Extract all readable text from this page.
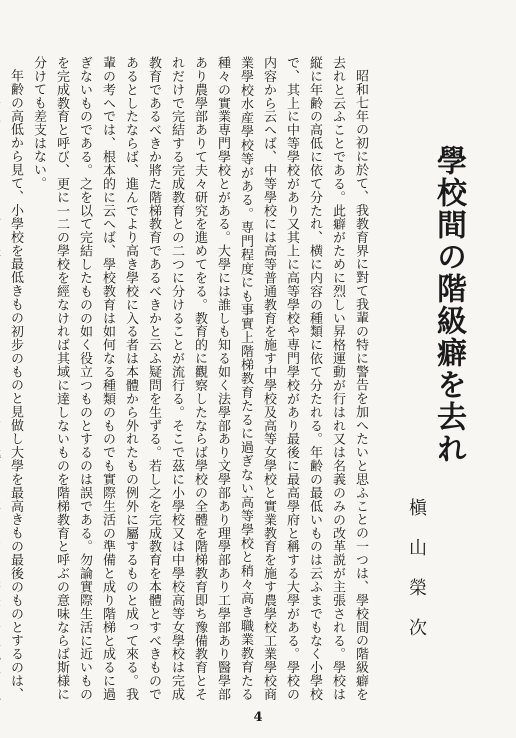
學校間の階級癖を去れ
槇山榮次

昭和七年の初に於て、我教育界に對て我輩の特に警告を加へたいと思ふことの一つは、學校間の階級癖を去れと云ふことである。此癖がために烈しい昇格運動が行はれ又は名義のみの改革説が主張される。學校は縦に年齢の高低に依て分たれ、横に内容の種類に依て分たれる。年齢の最低いものは云ふまでもなく小學校で、其上に中等學校があり又其上に高等學校や専門學校があり最後に最高學府と稱する大學がある。學校の内容から云へば、中等學校には高等普通教育を施す中學校及高等女學校と實業教育を施す農學校工業學校商業學校水産學校等がある。専門程度にも事實上階梯教育たるに過ぎない高等學校と稍々高き職業教育たる種々の實業専門學校とがある。大學には誰しも知る如く法學部あり文學部あり理學部あり工學部あり醫學部あり農學部ありて夫々研究を進めてをる。教育的に觀察したならば學校の全體を階梯教育即ち豫備教育とそれだけで完結する完成教育との二つに分けることが流行る。そこで茲に小學校又は中學校高等女學校は完成教育であるべきか將た階梯教育であるべきかと云ふ疑問を生ずる。若し之を完成教育を本體とすべきものであるとしたならば、進んでより高き學校に入る者は本體から外れたもの例外に屬するものと成って來る。我輩の考へでは、根本的に云へば、學校教育は如何なる種類のものでも實際生活の準備と成り階梯と成るに過ぎないものである。之を以て完結したものの如く役立つものとするのは誤である。勿論實際生活に近いものを完成教育と呼び、更に一二の學校を經なければ其域に達しないものを階梯教育と呼ぶの意味ならば斯様に分けても差支はない。

年齢の高低から見て、小學校を最低きもの初步のものと見做し大學を最高きもの最後のものとするのは、

4
